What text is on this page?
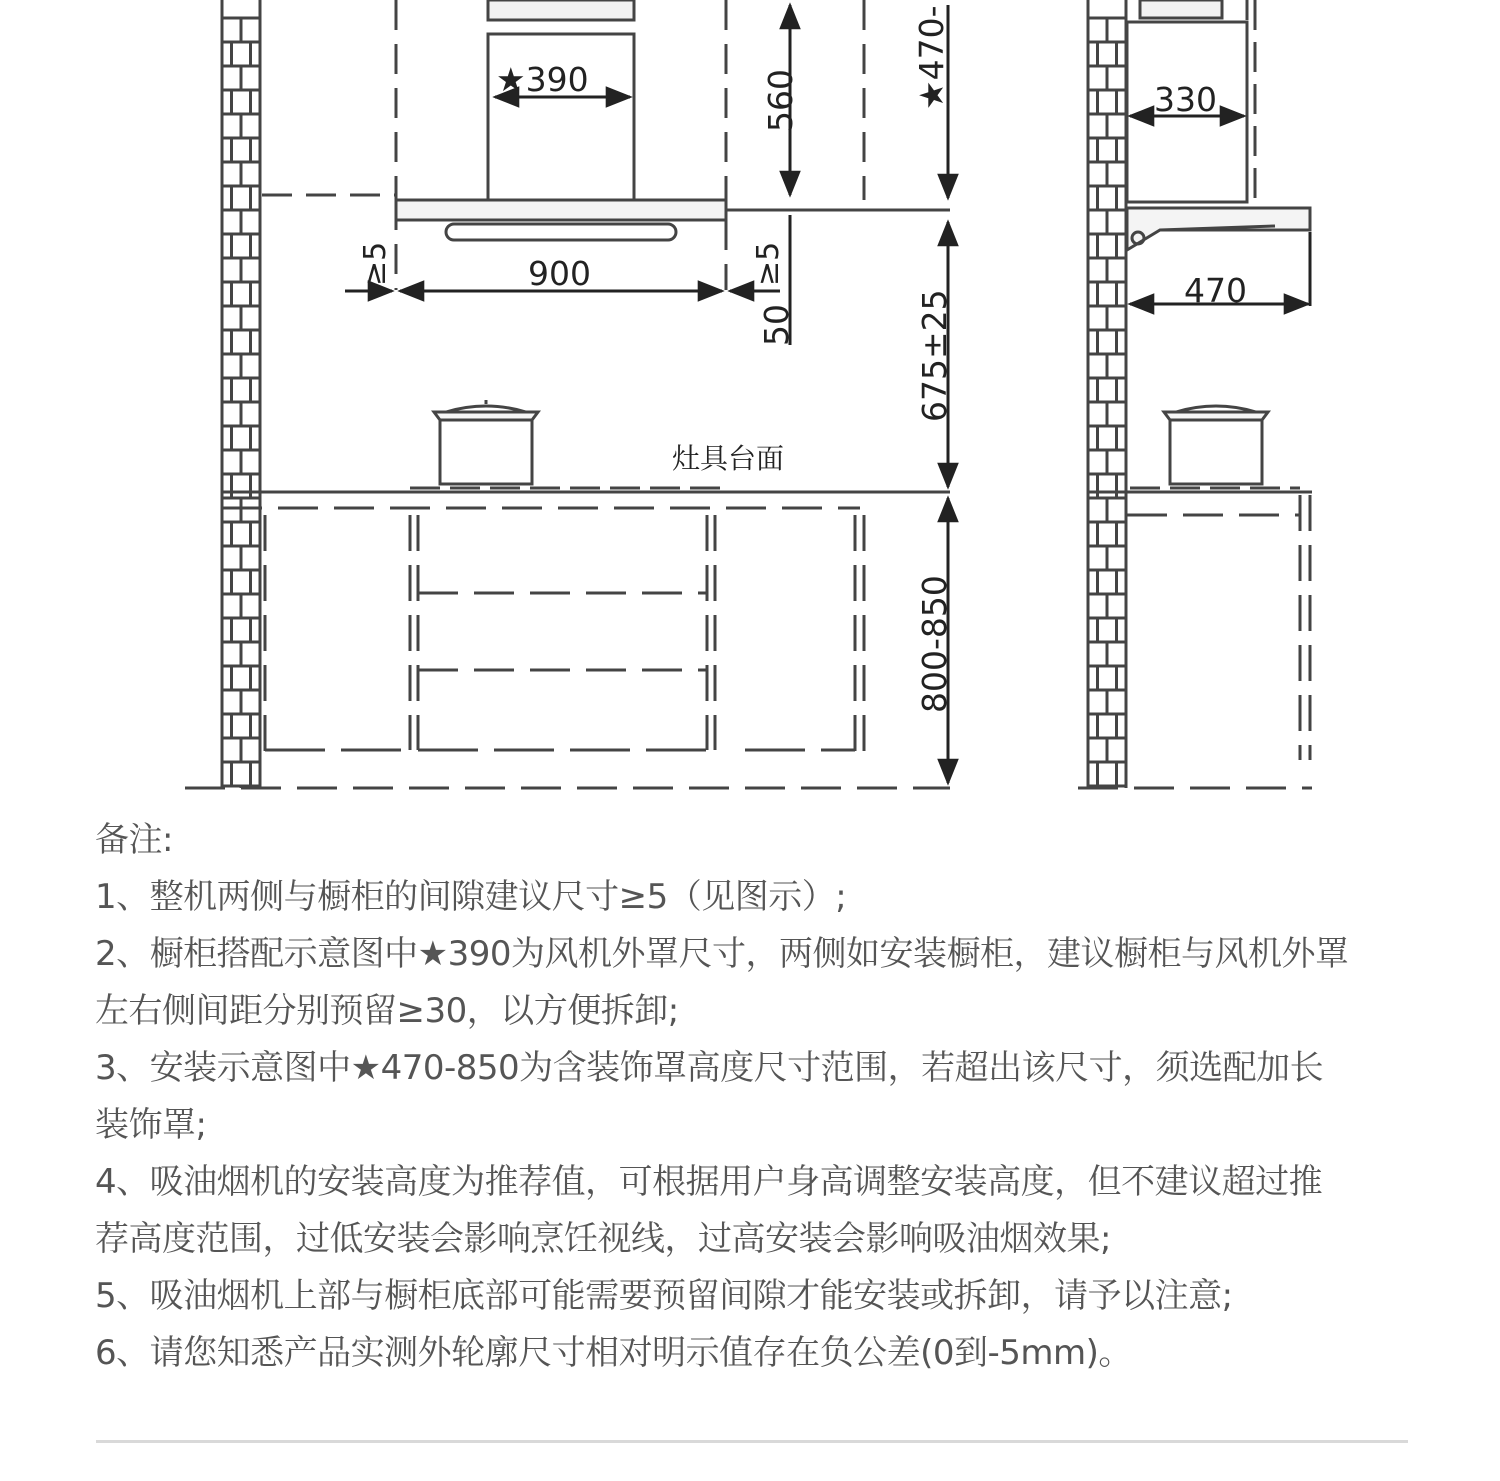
★390	560	★470-
900
≥5	≥5
50	675±25
800-850
330
470
灶具台面
备注:
1、整机两侧与橱柜的间隙建议尺寸≥5（见图示）;
2、橱柜搭配示意图中★390为风机外罩尺寸，两侧如安装橱柜，建议橱柜与风机外罩
左右侧间距分别预留≥30，以方便拆卸;
3、安装示意图中★470-850为含装饰罩高度尺寸范围，若超出该尺寸，须选配加长
装饰罩;
4、吸油烟机的安装高度为推荐值，可根据用户身高调整安装高度，但不建议超过推
荐高度范围，过低安装会影响烹饪视线，过高安装会影响吸油烟效果;
5、吸油烟机上部与橱柜底部可能需要预留间隙才能安装或拆卸，请予以注意;
6、请您知悉产品实测外轮廓尺寸相对明示值存在负公差(0到-5mm)。
